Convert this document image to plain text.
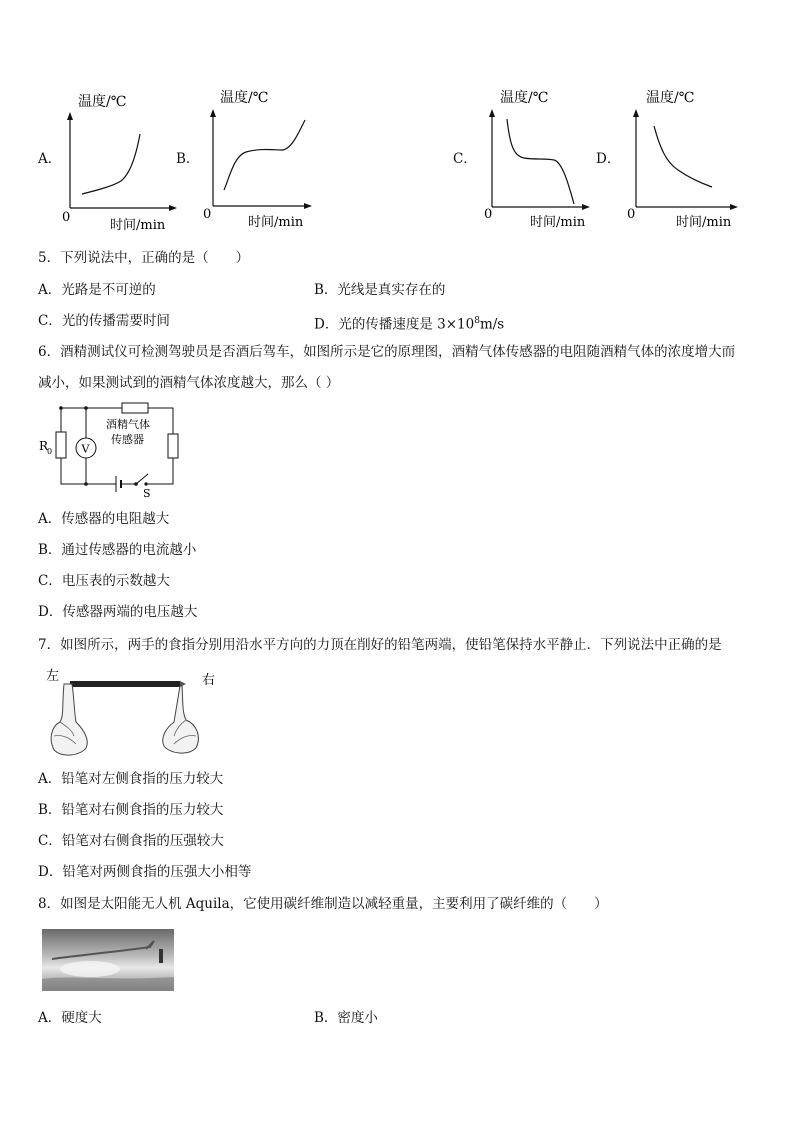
A．	B．	C．	D．
温度/℃
0
时间/min
温度/℃
0
时间/min
温度/℃
0
时间/min
温度/℃
0
时间/min
5．下列说法中，正确的是（　　）
A．光路是不可逆的	B．光线是真实存在的
C．光的传播需要时间	D．光的传播速度是 $3\times 10^8m/s$
6．酒精测试仪可检测驾驶员是否酒后驾车，如图所示是它的原理图，酒精气体传感器的电阻随酒精气体的浓度增大而
减小，如果测试到的酒精气体浓度越大，那么（ ）
R
0	V
酒精气体
传感器
S
A．传感器的电阻越大
B．通过传感器的电流越小
C．电压表的示数越大
D．传感器两端的电压越大
7．如图所示，两手的食指分别用沿水平方向的力顶在削好的铅笔两端，使铅笔保持水平静止．下列说法中正确的是
左	右
A．铅笔对左侧食指的压力较大
B．铅笔对右侧食指的压力较大
C．铅笔对右侧食指的压强较大
D．铅笔对两侧食指的压强大小相等
8．如图是太阳能无人机 Aquila，它使用碳纤维制造以减轻重量，主要利用了碳纤维的（　　）
A．硬度大	B．密度小
